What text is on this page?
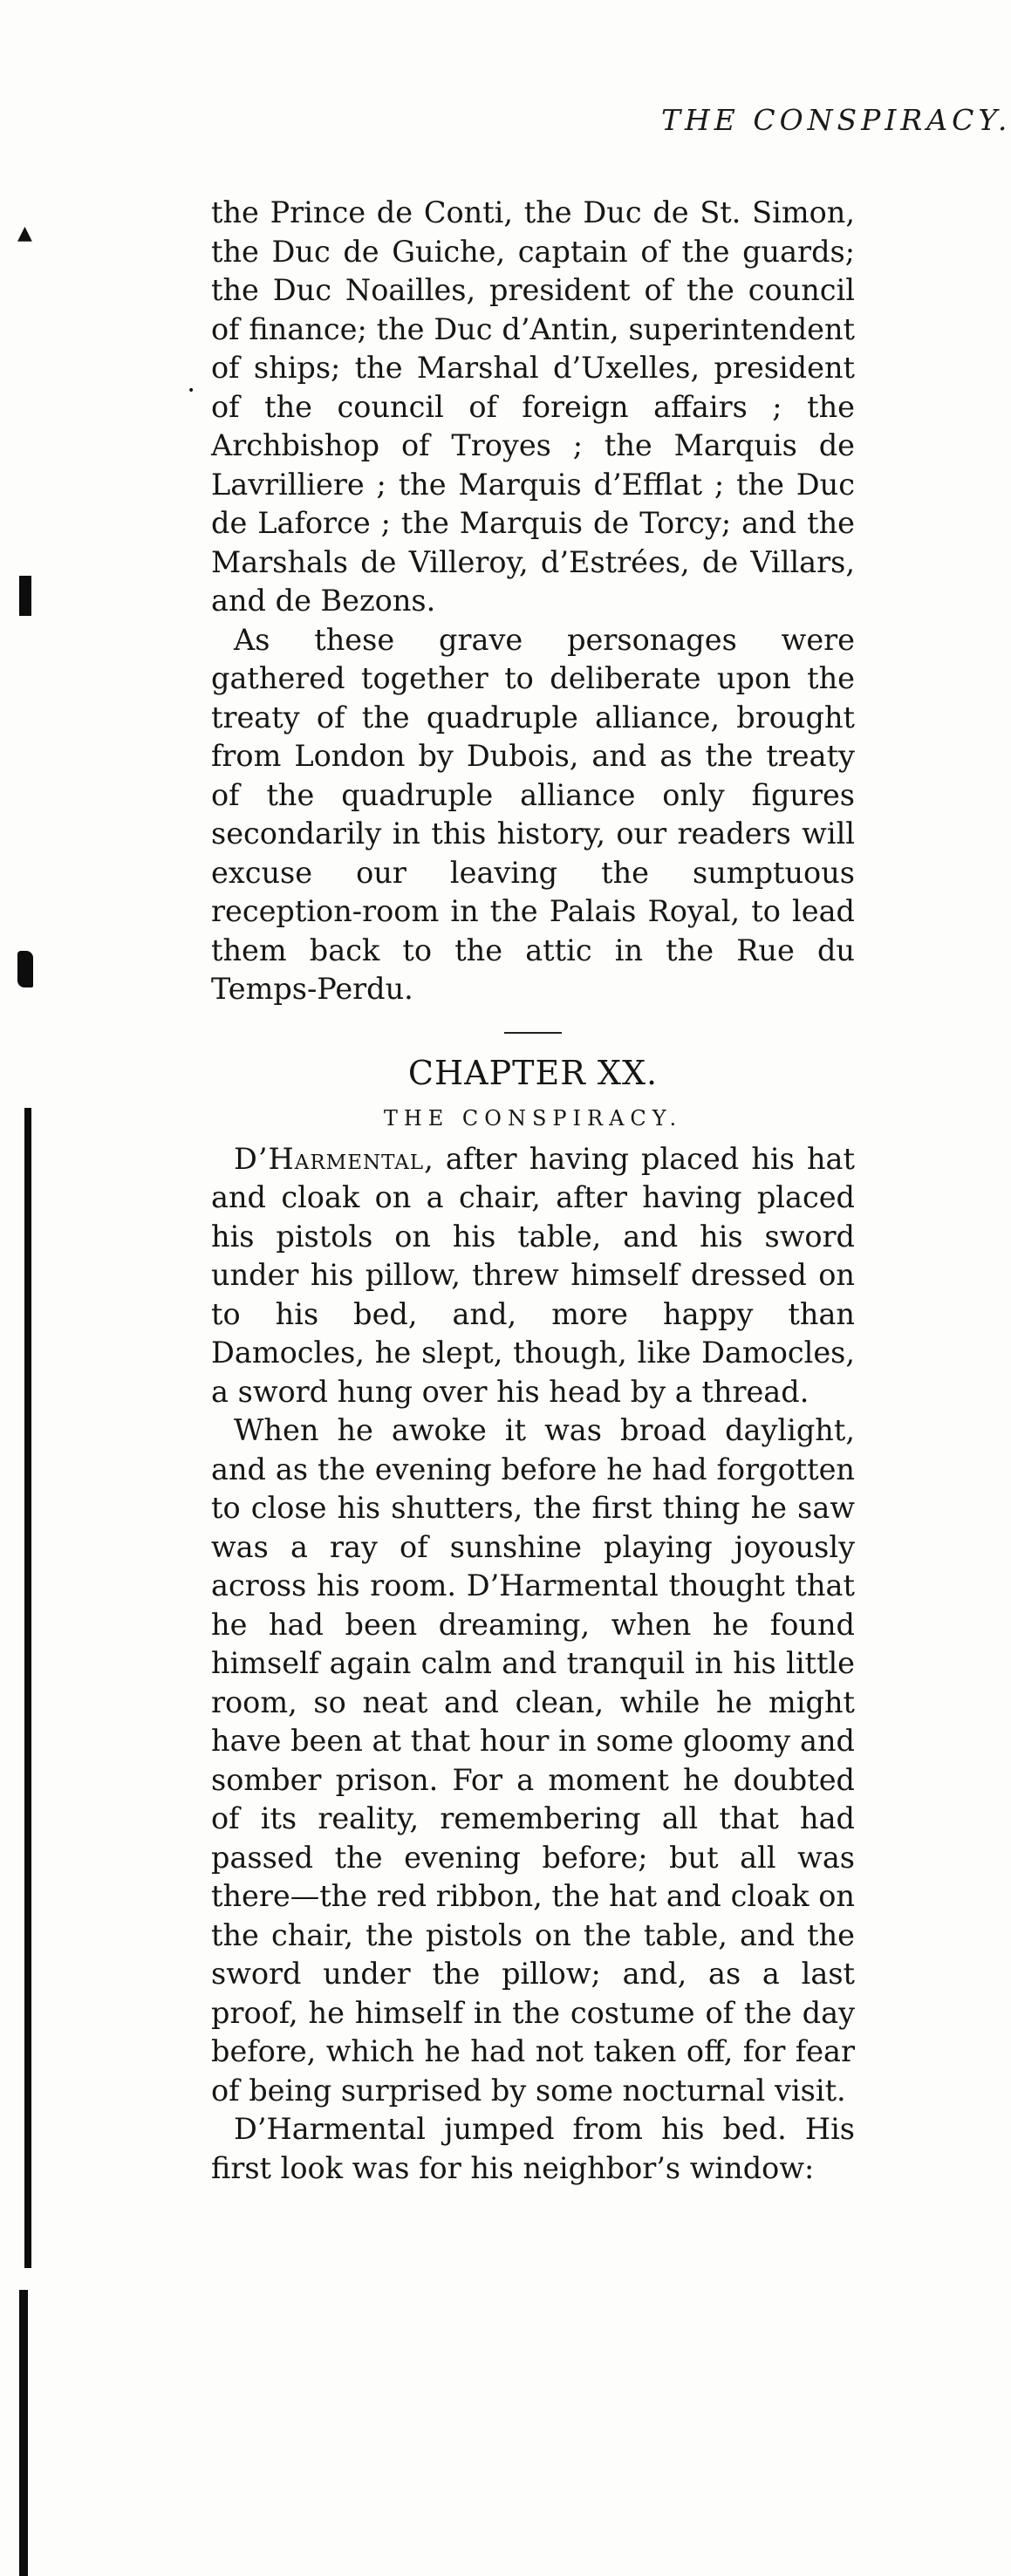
THE CONSPIRACY.
▲
•

the Prince de Conti, the Duc de St. Simon, the Duc de Guiche, captain of the guards; the Duc Noailles, president of the council of finance; the Duc d’Antin, superintendent of ships; the Marshal d’Uxelles, president of the council of foreign affairs ; the Archbishop of Troyes ; the Marquis de Lavrilliere ; the Marquis d’Efflat ; the Duc de Laforce ; the Marquis de Torcy; and the Marshals de Villeroy, d’Estrées, de Villars, and de Bezons.

As these grave personages were gathered together to deliberate upon the treaty of the quadruple alliance, brought from London by Dubois, and as the treaty of the quadruple alliance only figures secondarily in this history, our readers will excuse our leaving the sumptuous reception-room in the Palais Royal, to lead them back to the attic in the Rue du Temps-Perdu.

CHAPTER XX.
THE CONSPIRACY.

D’Harmental, after having placed his hat and cloak on a chair, after having placed his pistols on his table, and his sword under his pillow, threw himself dressed on to his bed, and, more happy than Damocles, he slept, though, like Damocles, a sword hung over his head by a thread.

When he awoke it was broad daylight, and as the evening before he had forgotten to close his shutters, the first thing he saw was a ray of sunshine playing joyously across his room. D’Harmental thought that he had been dreaming, when he found himself again calm and tranquil in his little room, so neat and clean, while he might have been at that hour in some gloomy and somber prison. For a moment he doubted of its reality, remembering all that had passed the evening before; but all was there—the red ribbon, the hat and cloak on the chair, the pistols on the table, and the sword under the pillow; and, as a last proof, he himself in the costume of the day before, which he had not taken off, for fear of being surprised by some nocturnal visit.

D’Harmental jumped from his bed. His first look was for his neighbor’s window:
